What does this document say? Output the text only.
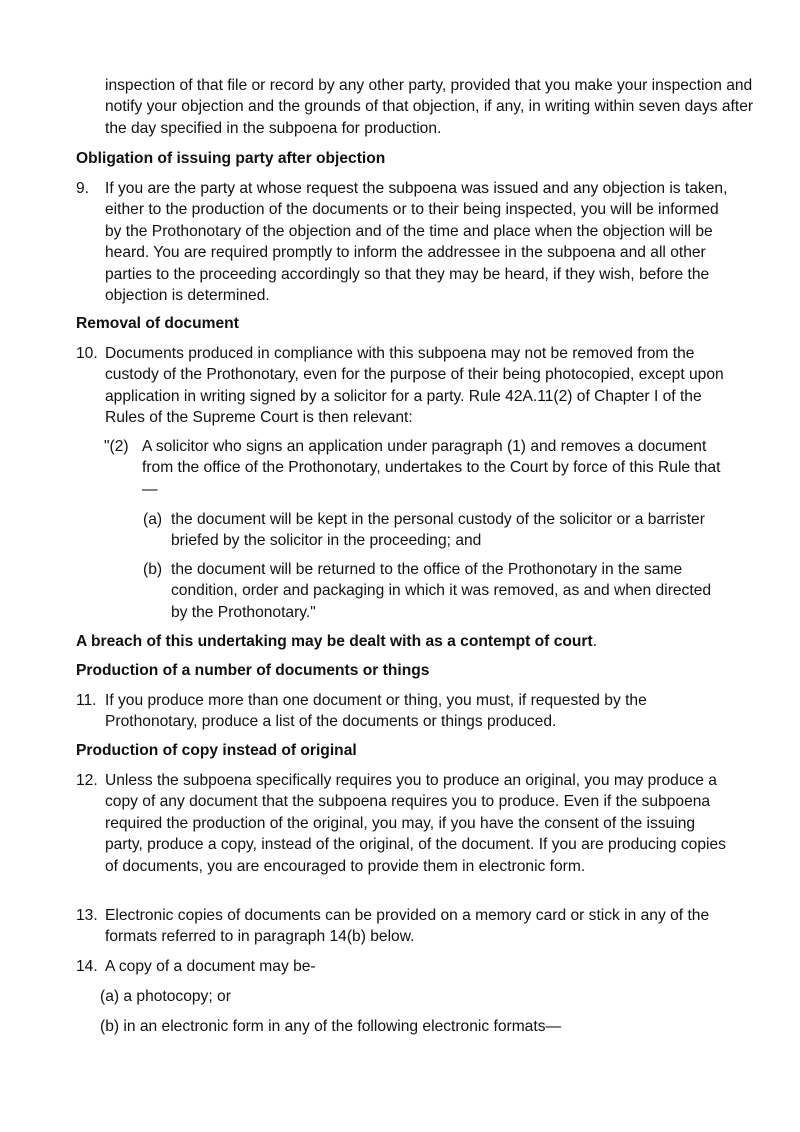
inspection of that file or record by any other party, provided that you make your inspection and notify your objection and the grounds of that objection, if any, in writing within seven days after the day specified in the subpoena for production.
Obligation of issuing party after objection
9.	If you are the party at whose request the subpoena was issued and any objection is taken, either to the production of the documents or to their being inspected, you will be informed by the Prothonotary of the objection and of the time and place when the objection will be heard. You are required promptly to inform the addressee in the subpoena and all other parties to the proceeding accordingly so that they may be heard, if they wish, before the objection is determined.
Removal of document
10. Documents produced in compliance with this subpoena may not be removed from the custody of the Prothonotary, even for the purpose of their being photocopied, except upon application in writing signed by a solicitor for a party. Rule 42A.11(2) of Chapter I of the Rules of the Supreme Court is then relevant:
"(2) A solicitor who signs an application under paragraph (1) and removes a document from the office of the Prothonotary, undertakes to the Court by force of this Rule that—
(a) the document will be kept in the personal custody of the solicitor or a barrister briefed by the solicitor in the proceeding; and
(b) the document will be returned to the office of the Prothonotary in the same condition, order and packaging in which it was removed, as and when directed by the Prothonotary."
A breach of this undertaking may be dealt with as a contempt of court.
Production of a number of documents or things
11. If you produce more than one document or thing, you must, if requested by the Prothonotary, produce a list of the documents or things produced.
Production of copy instead of original
12. Unless the subpoena specifically requires you to produce an original, you may produce a copy of any document that the subpoena requires you to produce. Even if the subpoena required the production of the original, you may, if you have the consent of the issuing party, produce a copy, instead of the original, of the document. If you are producing copies of documents, you are encouraged to provide them in electronic form.
13. Electronic copies of documents can be provided on a memory card or stick in any of the formats referred to in paragraph 14(b) below.
14. A copy of a document may be-
(a) a photocopy; or
(b) in an electronic form in any of the following electronic formats—
